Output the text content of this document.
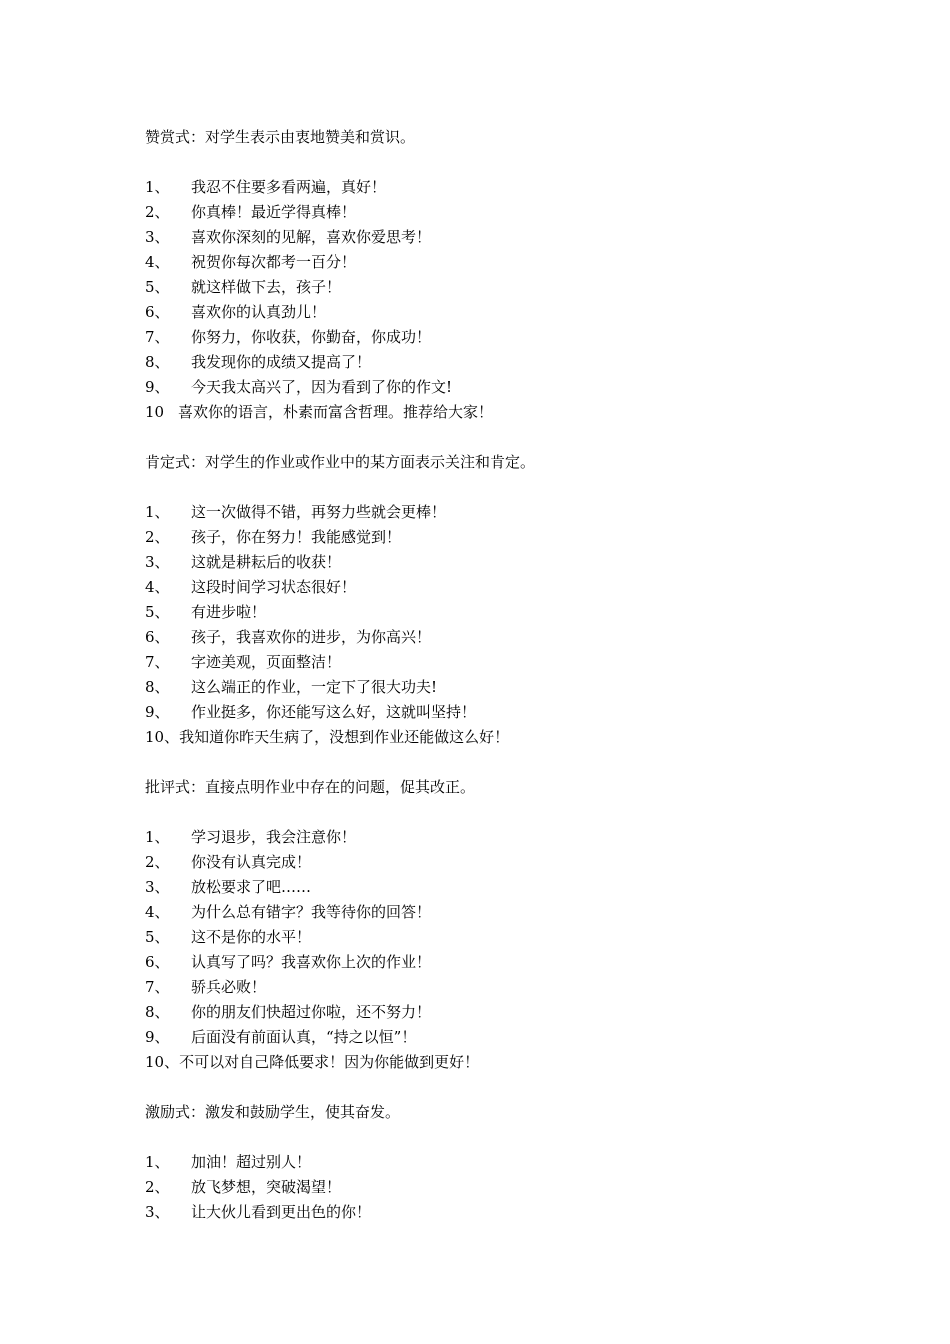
赞赏式：对学生表示由衷地赞美和赏识。
1、	我忍不住要多看两遍，真好！
2、	你真棒！最近学得真棒！
3、	喜欢你深刻的见解，喜欢你爱思考！
4、	祝贺你每次都考一百分！
5、	就这样做下去，孩子！
6、	喜欢你的认真劲儿！
7、	你努力，你收获，你勤奋，你成功！
8、	我发现你的成绩又提高了！
9、	今天我太高兴了，因为看到了你的作文!
10 喜欢你的语言，朴素而富含哲理。推荐给大家！
肯定式：对学生的作业或作业中的某方面表示关注和肯定。
1、	这一次做得不错，再努力些就会更棒！
2、	孩子，你在努力！我能感觉到！
3、	这就是耕耘后的收获！
4、	这段时间学习状态很好！
5、	有进步啦！
6、	孩子，我喜欢你的进步，为你高兴！
7、	字迹美观，页面整洁！
8、	这么端正的作业，一定下了很大功夫!
9、	作业挺多，你还能写这么好，这就叫坚持！
10、 我知道你昨天生病了，没想到作业还能做这么好！
批评式：直接点明作业中存在的问题，促其改正。
1、	学习退步，我会注意你！
2、	你没有认真完成！
3、	放松要求了吧……
4、	为什么总有错字？我等待你的回答！
5、	这不是你的水平！
6、	认真写了吗？我喜欢你上次的作业！
7、	骄兵必败！
8、	你的朋友们快超过你啦，还不努力！
9、	后面没有前面认真，“持之以恒”！
10、 不可以对自己降低要求！因为你能做到更好！
激励式：激发和鼓励学生，使其奋发。
1、	加油！超过别人！
2、	放飞梦想，突破渴望！
3、	让大伙儿看到更出色的你！
